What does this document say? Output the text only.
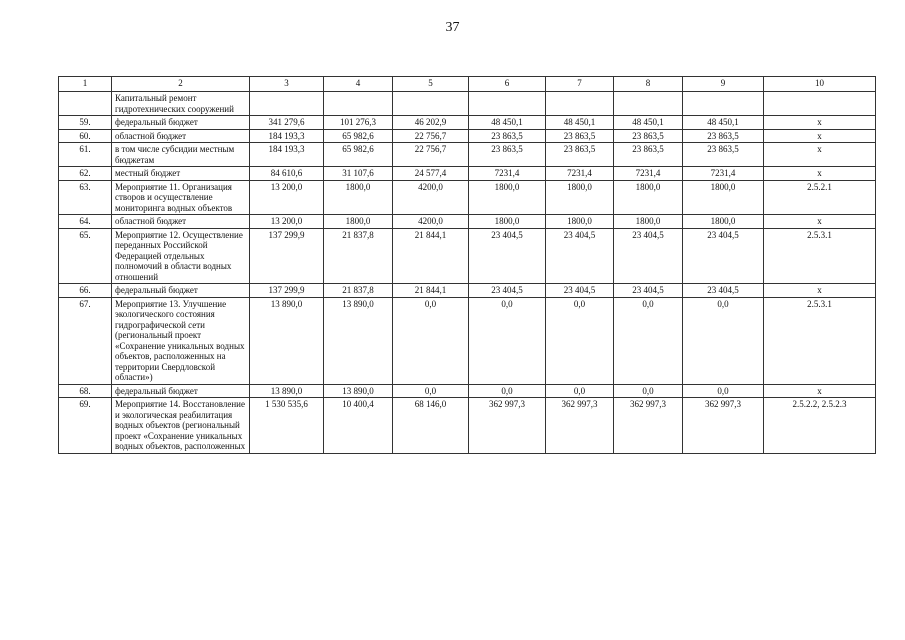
37
1	2	3	4	5	6	7	8	9	10
	Капитальный ремонт гидротехнических сооружений								
59.	федеральный бюджет	341 279,6	101 276,3	46 202,9	48 450,1	48 450,1	48 450,1	48 450,1	x
60.	областной бюджет	184 193,3	65 982,6	22 756,7	23 863,5	23 863,5	23 863,5	23 863,5	x
61.	в том числе субсидии местным бюджетам	184 193,3	65 982,6	22 756,7	23 863,5	23 863,5	23 863,5	23 863,5	x
62.	местный бюджет	84 610,6	31 107,6	24 577,4	7231,4	7231,4	7231,4	7231,4	x
63.	Мероприятие 11. Организация створов и осуществление мониторинга водных объектов	13 200,0	1800,0	4200,0	1800,0	1800,0	1800,0	1800,0	2.5.2.1
64.	областной бюджет	13 200,0	1800,0	4200,0	1800,0	1800,0	1800,0	1800,0	x
65.	Мероприятие 12. Осуществление переданных Российской Федерацией отдельных полномочий в области водных отношений	137 299,9	21 837,8	21 844,1	23 404,5	23 404,5	23 404,5	23 404,5	2.5.3.1
66.	федеральный бюджет	137 299,9	21 837,8	21 844,1	23 404,5	23 404,5	23 404,5	23 404,5	x
67.	Мероприятие 13. Улучшение экологического состояния гидрографической сети (региональный проект «Сохранение уникальных водных объектов, расположенных на территории Свердловской области»)	13 890,0	13 890,0	0,0	0,0	0,0	0,0	0,0	2.5.3.1
68.	федеральный бюджет	13 890,0	13 890,0	0,0	0,0	0,0	0,0	0,0	x
69.	Мероприятие 14. Восстановление и экологическая реабилитация водных объектов (региональный проект «Сохранение уникальных водных объектов, расположенных	1 530 535,6	10 400,4	68 146,0	362 997,3	362 997,3	362 997,3	362 997,3	2.5.2.2, 2.5.2.3
